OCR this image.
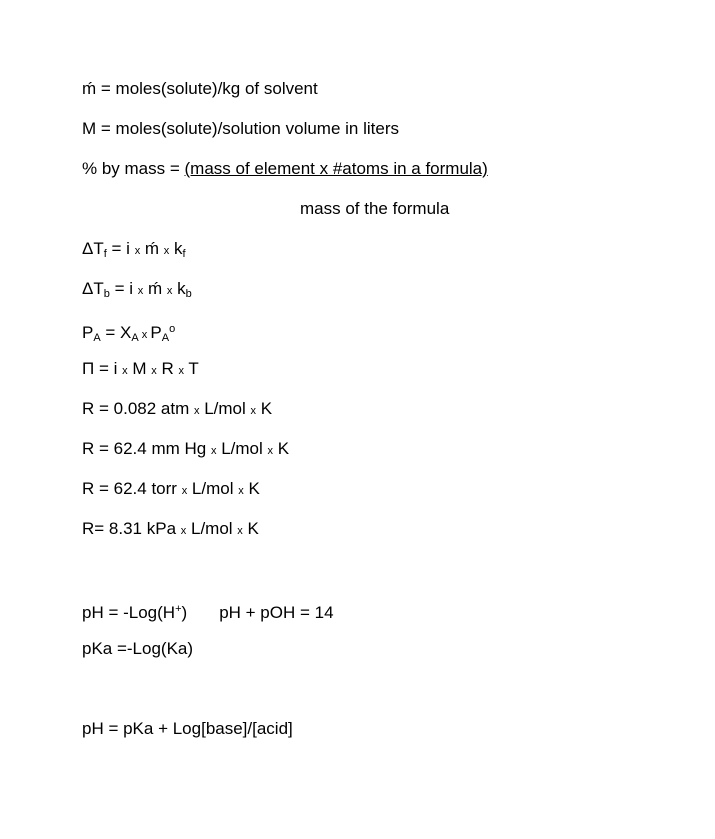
ḿ = moles(solute)/kg of solvent
M = moles(solute)/solution volume in liters
% by mass = (mass of element x #atoms in a formula)
mass of the formula
$\Delta T_f = i$ x ḿ x $k_f$
$\Delta T_b = i$ x ḿ x $k_b$
$P_A = X_A$ x $P_A^o$
Π = i x M x R x T
R = 0.082 atm x L/mol x K
R = 62.4 mm Hg x L/mol x K
R = 62.4 torr x L/mol x K
R= 8.31 kPa x L/mol x K
pH = -Log(H+) pH + pOH = 14
pKa =-Log(Ka)
pH = pKa + Log[base]/[acid]
